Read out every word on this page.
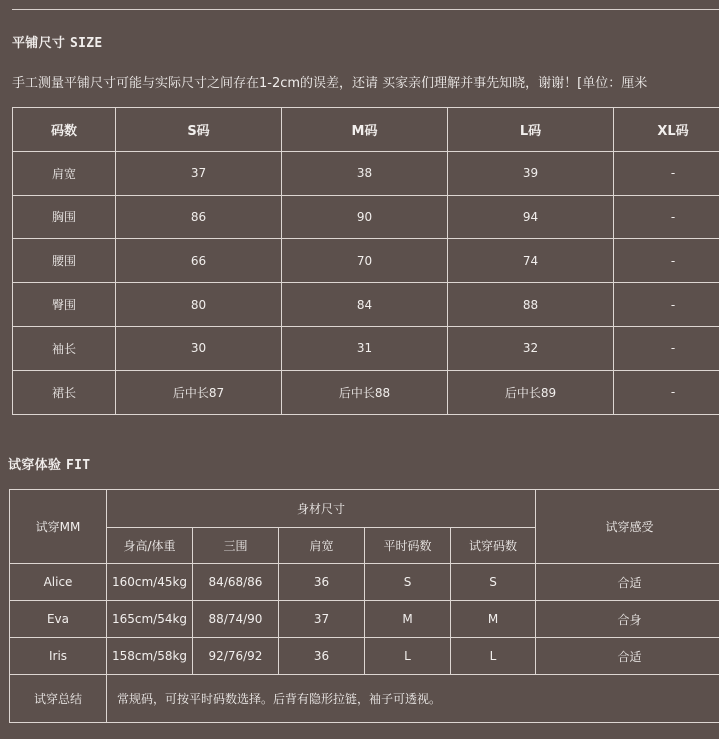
平铺尺寸 SIZE
手工测量平铺尺寸可能与实际尺寸之间存在1-2cm的误差，还请 买家亲们理解并事先知晓，谢谢！[单位：厘米
码数	S码	M码	L码	XL码
肩宽	37	38	39	-
胸围	86	90	94	-
腰围	66	70	74	-
臀围	80	84	88	-
袖长	30	31	32	-
裙长	后中长87	后中长88	后中长89	-
试穿体验 FIT
试穿MM	身材尺寸					试穿感受
	身高/体重	三围	肩宽	平时码数	试穿码数	
Alice	160cm/45kg	84/68/86	36	S	S	合适
Eva	165cm/54kg	88/74/90	37	M	M	合身
Iris	158cm/58kg	92/76/92	36	L	L	合适
试穿总结	常规码，可按平时码数选择。后背有隐形拉链，袖子可透视。					
